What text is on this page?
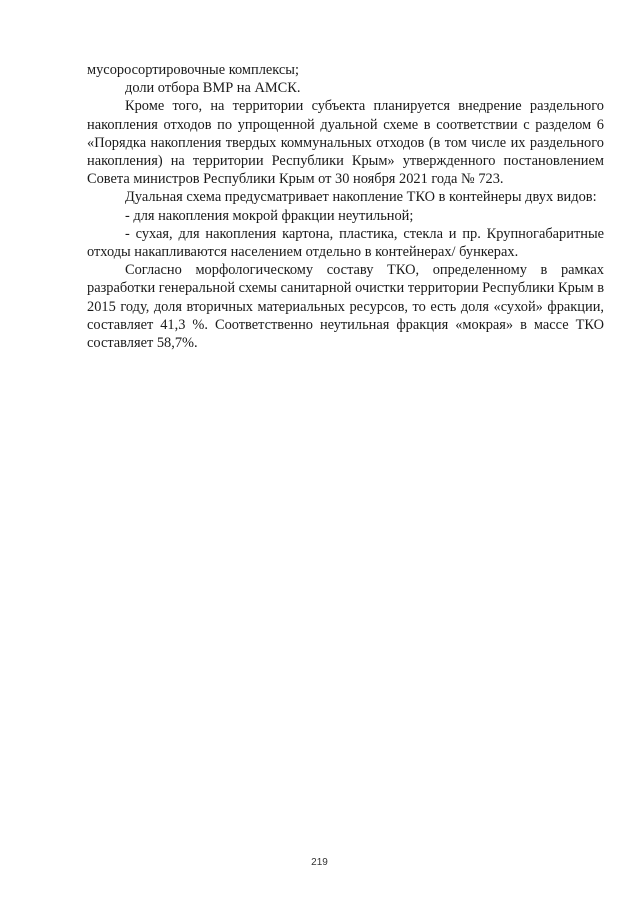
мусоросортировочные комплексы;

доли отбора ВМР на АМСК.

Кроме того, на территории субъекта планируется внедрение раздельного накопления отходов по упрощенной дуальной схеме в соответствии с разделом 6 «Порядка накопления твердых коммунальных отходов (в том числе их раздельного накопления) на территории Республики Крым» утвержденного постановлением Совета министров Республики Крым от 30 ноября 2021 года № 723.

Дуальная схема предусматривает накопление ТКО в контейнеры двух видов:

- для накопления мокрой фракции неутильной;

- сухая, для накопления картона, пластика, стекла и пр. Крупногабаритные отходы накапливаются населением отдельно в контейнерах/ бункерах.

Согласно морфологическому составу ТКО, определенному в рамках разработки генеральной схемы санитарной очистки территории Республики Крым в 2015 году, доля вторичных материальных ресурсов, то есть доля «сухой» фракции, составляет 41,3 %. Соответственно неутильная фракция «мокрая» в массе ТКО составляет 58,7%.

219
